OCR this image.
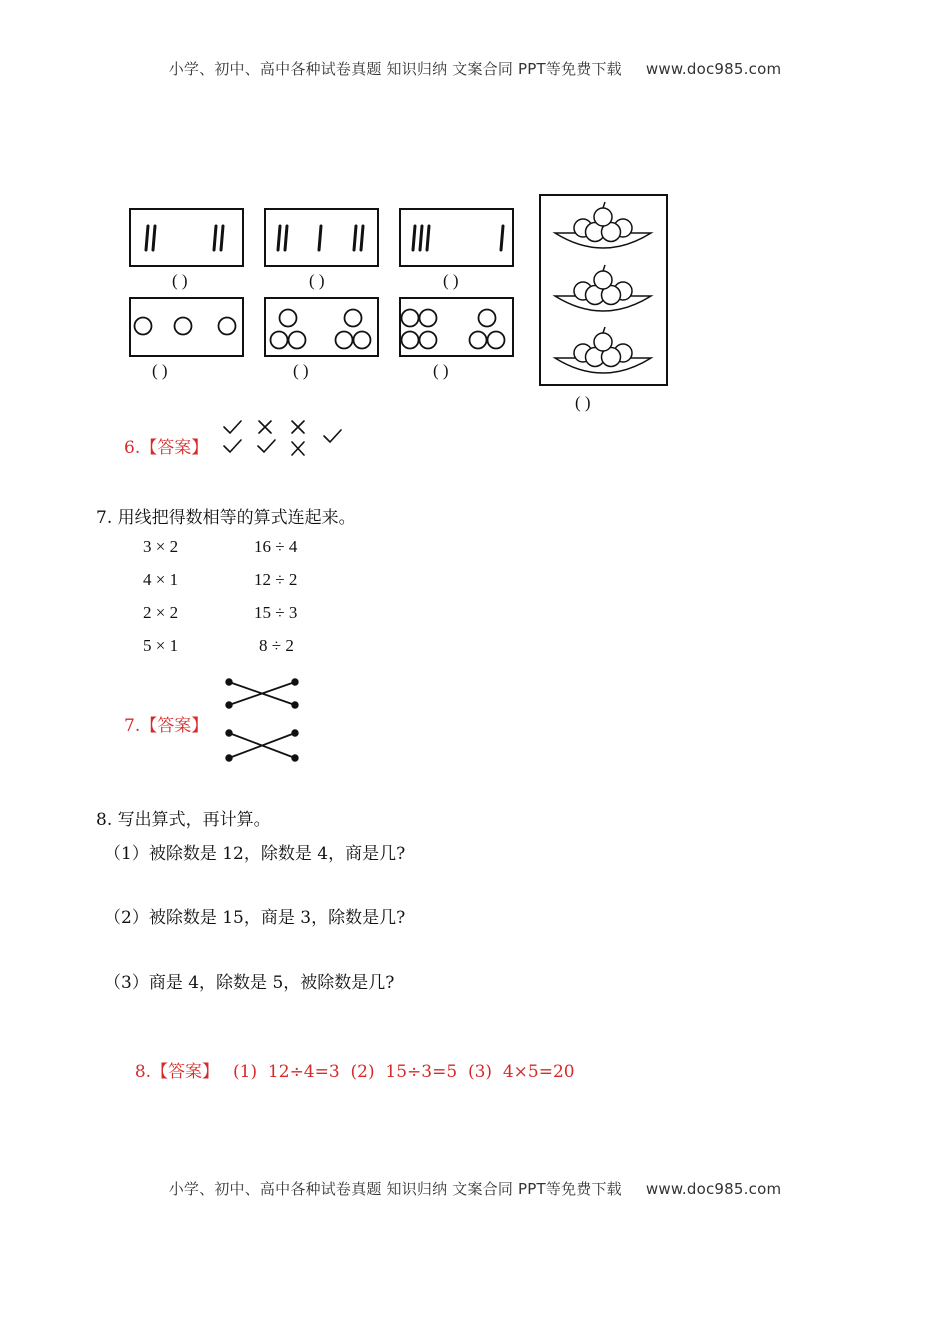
小学、初中、高中各种试卷真题 知识归纳 文案合同 PPT等免费下载 www.doc985.com
( )	( )	( )
( )	( )	( )
( )
6.【答案】
7. 用线把得数相等的算式连起来。
3 × 2
4 × 1
2 × 2
5 × 1
16 ÷ 4
12 ÷ 2
15 ÷ 3
8 ÷ 2
7.【答案】
8. 写出算式，再计算。
（1）被除数是 12，除数是 4，商是几?
（2）被除数是 15，商是 3，除数是几?
（3）商是 4，除数是 5，被除数是几?

8.【答案】 (1)  12÷4=3  (2)  15÷3=5  (3)  4×5=20

小学、初中、高中各种试卷真题 知识归纳 文案合同 PPT等免费下载 www.doc985.com
